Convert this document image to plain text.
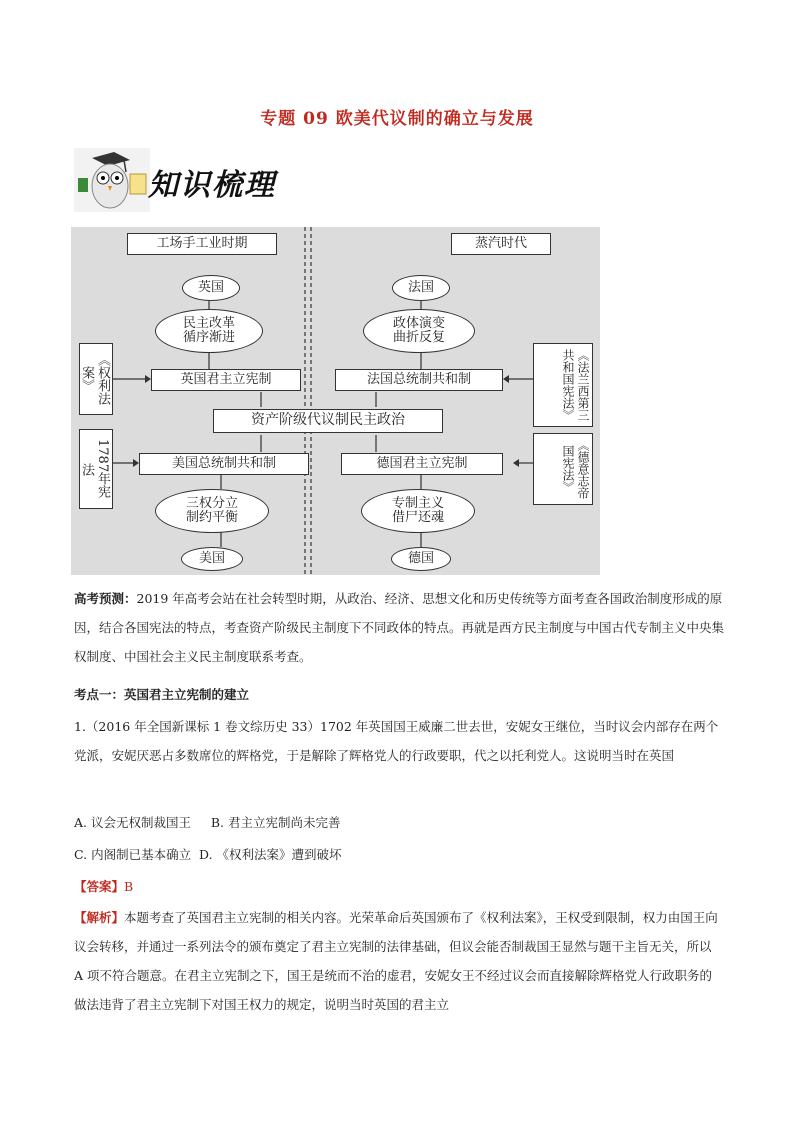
专题 09 欧美代议制的确立与发展
知识梳理
工场手工业时期	蒸汽时代
英国
民主改革
循序渐进
英国君主立宪制
《权利法案》
法国
政体演变
曲折反复
法国总统制共和制	《法兰西第三共和国宪法》
资产阶级代议制民主政治
美国总统制共和制
1787年宪法
三权分立
制约平衡
美国
德国君主立宪制	《德意志帝国宪法》
专制主义
借尸还魂
德国
高考预测：2019 年高考会站在社会转型时期，从政治、经济、思想文化和历史传统等方面考查各国政治制度形成的原因，结合各国宪法的特点，考查资产阶级民主制度下不同政体的特点。再就是西方民主制度与中国古代专制主义中央集权制度、中国社会主义民主制度联系考查。
考点一：英国君主立宪制的建立
1.（2016 年全国新课标 1 卷文综历史 33）1702 年英国国王威廉二世去世，安妮女王继位，当时议会内部存在两个党派，安妮厌恶占多数席位的辉格党，于是解除了辉格党人的行政要职，代之以托利党人。这说明当时在英国
A. 议会无权制裁国王 B. 君主立宪制尚未完善
C. 内阁制已基本确立 D. 《权利法案》遭到破坏
【答案】B
【解析】本题考查了英国君主立宪制的相关内容。光荣革命后英国颁布了《权利法案》，王权受到限制，权力由国王向议会转移，并通过一系列法令的颁布奠定了君主立宪制的法律基础，但议会能否制裁国王显然与题干主旨无关，所以 A 项不符合题意。在君主立宪制之下，国王是统而不治的虚君，安妮女王不经过议会而直接解除辉格党人行政职务的做法违背了君主立宪制下对国王权力的规定，说明当时英国的君主立
